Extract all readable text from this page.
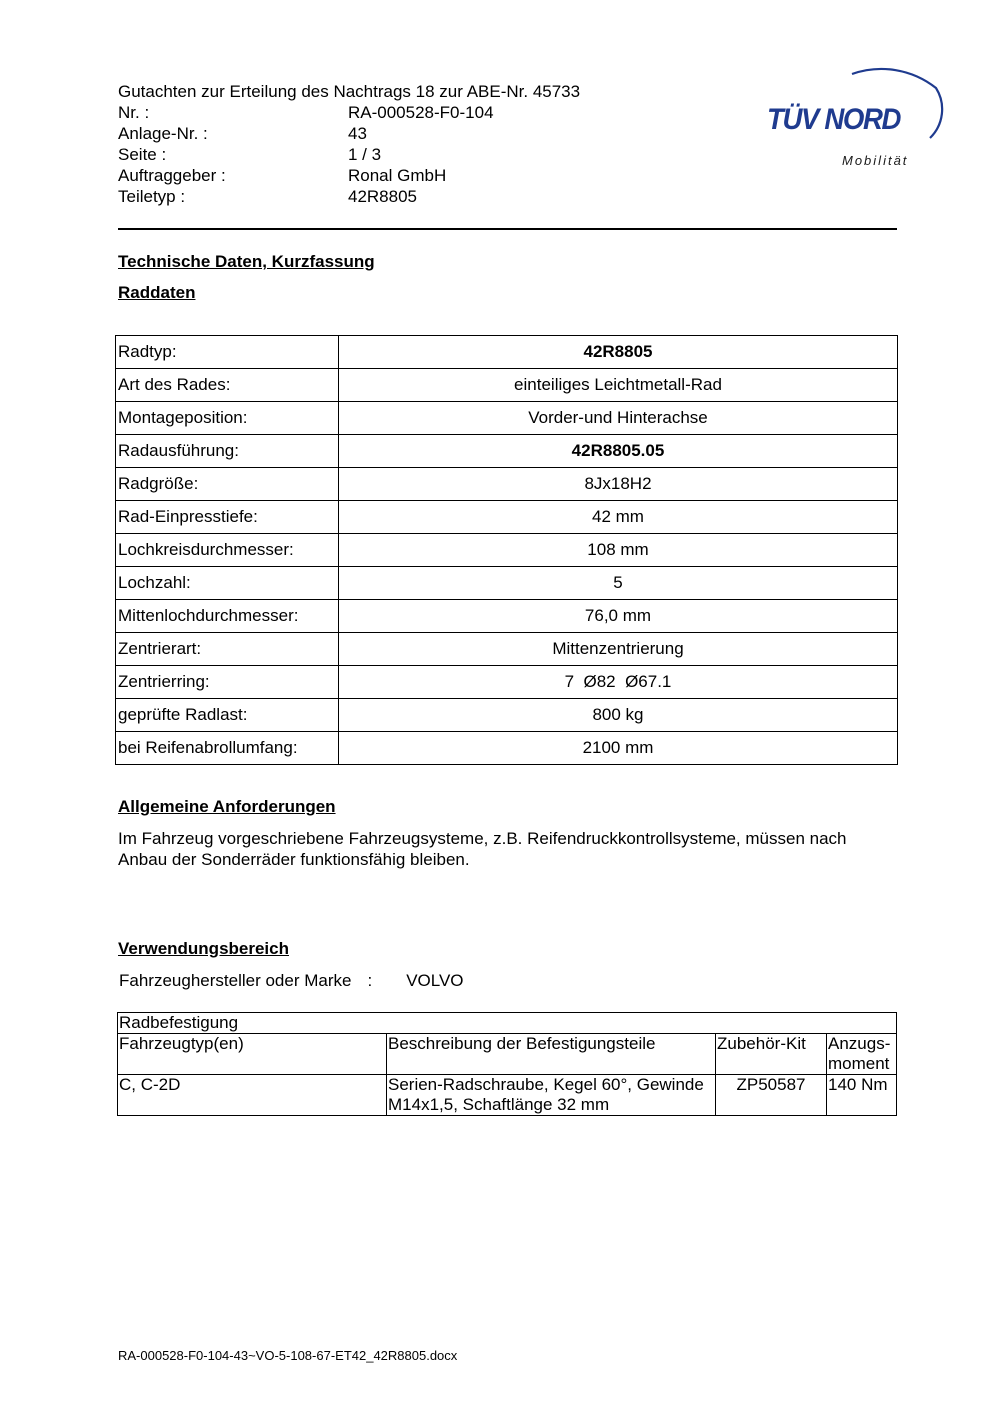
Gutachten zur Erteilung des Nachtrags 18 zur ABE-Nr. 45733
Nr. :	RA-000528-F0-104
Anlage-Nr. :	43
Seite :	1 / 3
Auftraggeber :	Ronal GmbH
Teiletyp :	42R8805
TÜV NORD
Mobilität
Technische Daten, Kurzfassung
Raddaten
Radtyp:	42R8805
Art des Rades:	einteiliges Leichtmetall-Rad
Montageposition:	Vorder-und Hinterachse
Radausführung:	42R8805.05
Radgröße:	8Jx18H2
Rad-Einpresstiefe:	42 mm
Lochkreisdurchmesser:	108 mm
Lochzahl:	5
Mittenlochdurchmesser:	76,0 mm
Zentrierart:	Mittenzentrierung
Zentrierring:	7  Ø82  Ø67.1
geprüfte Radlast:	800 kg
bei Reifenabrollumfang:	2100 mm
Allgemeine Anforderungen
Im Fahrzeug vorgeschriebene Fahrzeugsysteme, z.B. Reifendruckkontrollsysteme, müssen nach Anbau der Sonderräder funktionsfähig bleiben.
Verwendungsbereich
Fahrzeughersteller oder Marke : VOLVO
Radbefestigung			
Fahrzeugtyp(en)	Beschreibung der Befestigungsteile	Zubehör-Kit	Anzugs-
moment
C, C-2D	Serien-Radschraube, Kegel 60°, Gewinde M14x1,5, Schaftlänge 32 mm	ZP50587	140 Nm
RA-000528-F0-104-43~VO-5-108-67-ET42_42R8805.docx
